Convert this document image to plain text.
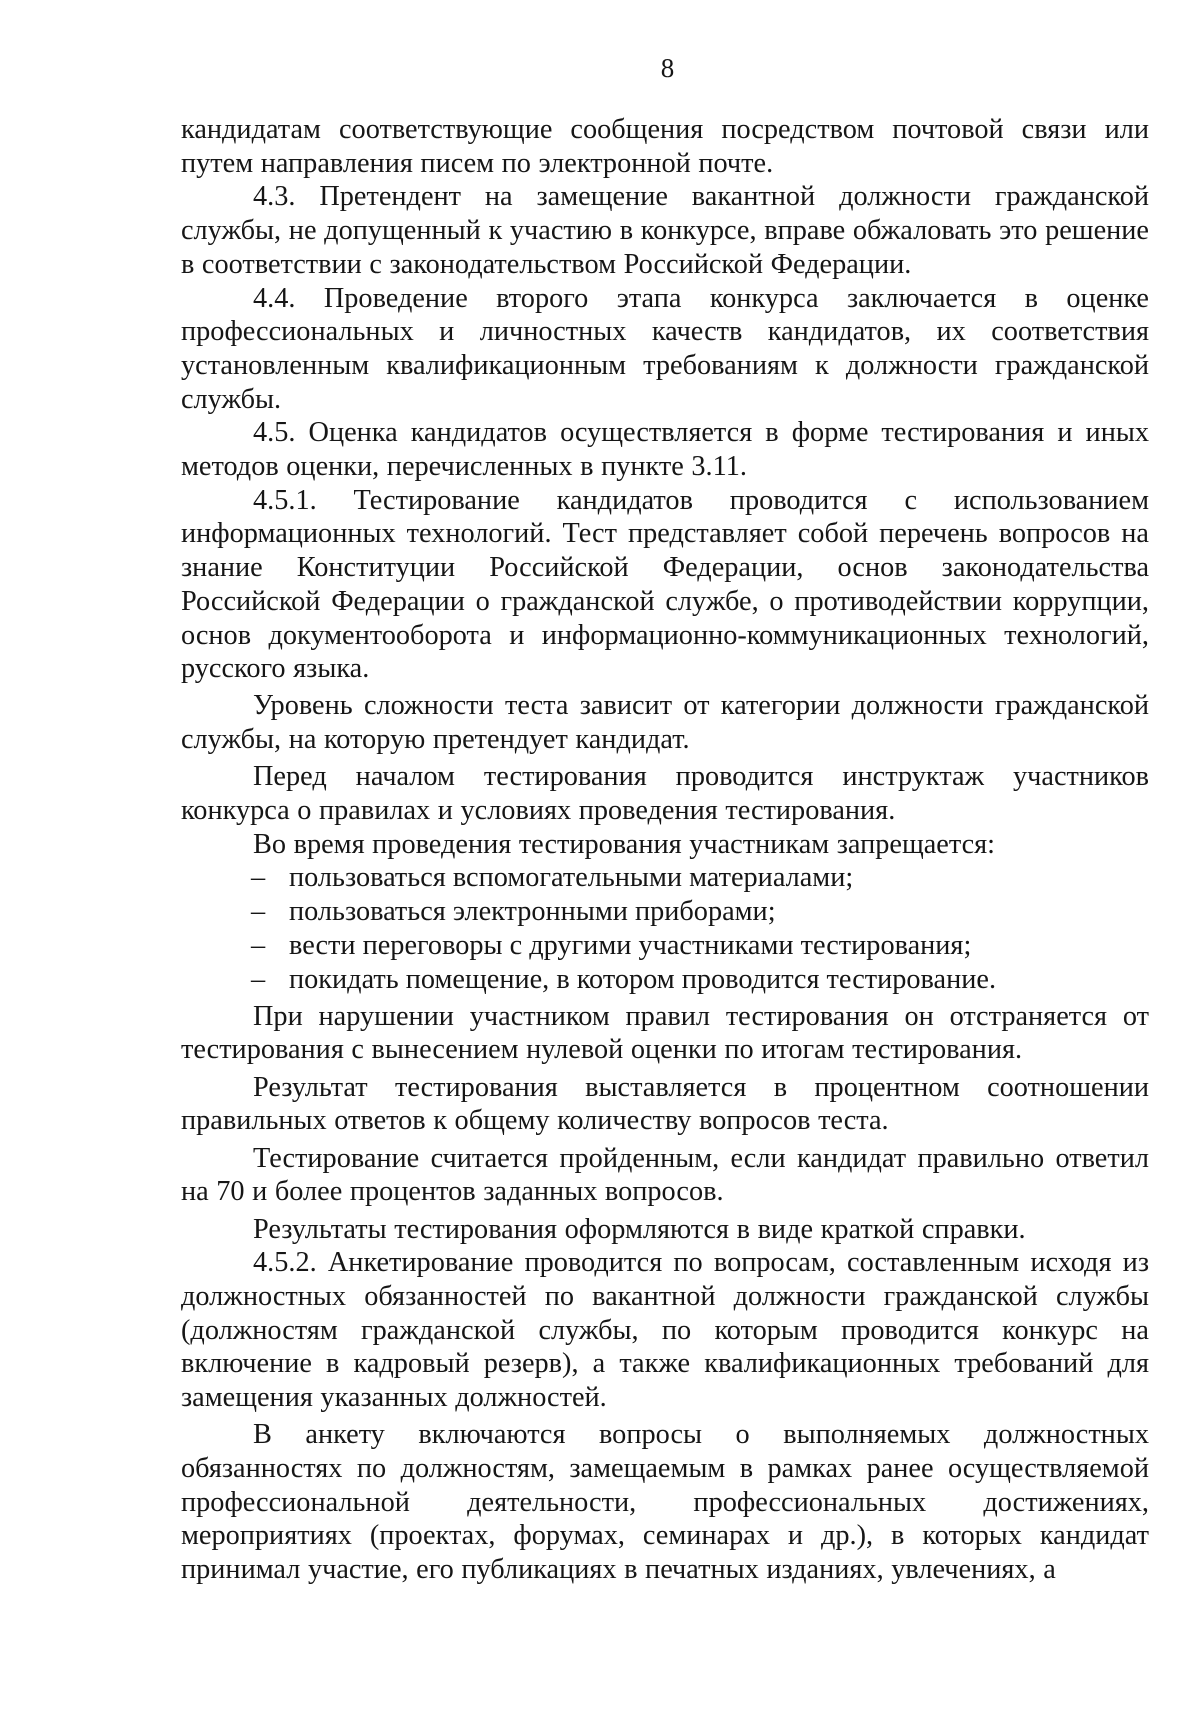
8

кандидатам соответствующие сообщения посредством почтовой связи или путем направления писем по электронной почте.

4.3. Претендент на замещение вакантной должности гражданской службы, не допущенный к участию в конкурсе, вправе обжаловать это решение в соответствии с законодательством Российской Федерации.

4.4. Проведение второго этапа конкурса заключается в оценке профессиональных и личностных качеств кандидатов, их соответствия установленным квалификационным требованиям к должности гражданской службы.

4.5. Оценка кандидатов осуществляется в форме тестирования и иных методов оценки, перечисленных в пункте 3.11.

4.5.1. Тестирование кандидатов проводится с использованием информационных технологий. Тест представляет собой перечень вопросов на знание Конституции Российской Федерации, основ законодательства Российской Федерации о гражданской службе, о противодействии коррупции, основ документооборота и информационно-коммуникационных технологий, русского языка.

Уровень сложности теста зависит от категории должности гражданской службы, на которую претендует кандидат.

Перед началом тестирования проводится инструктаж участников конкурса о правилах и условиях проведения тестирования.

Во время проведения тестирования участникам запрещается:

– пользоваться вспомогательными материалами;

– пользоваться электронными приборами;

– вести переговоры с другими участниками тестирования;

– покидать помещение, в котором проводится тестирование.

При нарушении участником правил тестирования он отстраняется от тестирования с вынесением нулевой оценки по итогам тестирования.

Результат тестирования выставляется в процентном соотношении правильных ответов к общему количеству вопросов теста.

Тестирование считается пройденным, если кандидат правильно ответил на 70 и более процентов заданных вопросов.

Результаты тестирования оформляются в виде краткой справки.

4.5.2. Анкетирование проводится по вопросам, составленным исходя из должностных обязанностей по вакантной должности гражданской службы (должностям гражданской службы, по которым проводится конкурс на включение в кадровый резерв), а также квалификационных требований для замещения указанных должностей.

В анкету включаются вопросы о выполняемых должностных обязанностях по должностям, замещаемым в рамках ранее осуществляемой профессиональной деятельности, профессиональных достижениях, мероприятиях (проектах, форумах, семинарах и др.), в которых кандидат принимал участие, его публикациях в печатных изданиях, увлечениях, а
